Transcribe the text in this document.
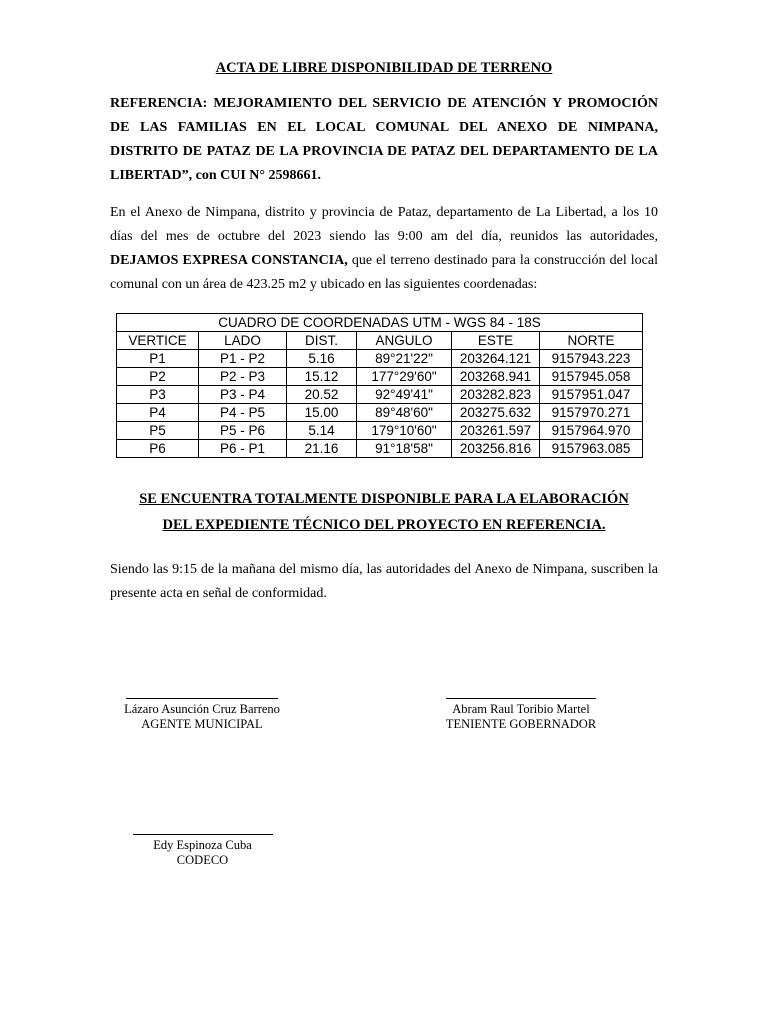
ACTA DE LIBRE DISPONIBILIDAD DE TERRENO
REFERENCIA: MEJORAMIENTO DEL SERVICIO DE ATENCIÓN Y PROMOCIÓN DE LAS FAMILIAS EN EL LOCAL COMUNAL DEL ANEXO DE NIMPANA, DISTRITO DE PATAZ DE LA PROVINCIA DE PATAZ DEL DEPARTAMENTO DE LA LIBERTAD”, con CUI N° 2598661.
En el Anexo de Nimpana, distrito y provincia de Pataz, departamento de La Libertad, a los 10 días del mes de octubre del 2023 siendo las 9:00 am del día, reunidos las autoridades, DEJAMOS EXPRESA CONSTANCIA, que el terreno destinado para la construcción del local comunal con un área de 423.25 m2 y ubicado en las siguientes coordenadas:
CUADRO DE COORDENADAS UTM - WGS 84 - 18S					
VERTICE	LADO	DIST.	ANGULO	ESTE	NORTE
P1	P1 - P2	5.16	89°21'22"	203264.121	9157943.223
P2	P2 - P3	15.12	177°29'60"	203268.941	9157945.058
P3	P3 - P4	20.52	92°49'41"	203282.823	9157951.047
P4	P4 - P5	15.00	89°48'60"	203275.632	9157970.271
P5	P5 - P6	5.14	179°10'60"	203261.597	9157964.970
P6	P6 - P1	21.16	91°18'58"	203256.816	9157963.085
SE ENCUENTRA TOTALMENTE DISPONIBLE PARA LA ELABORACIÓN
DEL EXPEDIENTE TÉCNICO DEL PROYECTO EN REFERENCIA.
Siendo las 9:15 de la mañana del mismo día, las autoridades del Anexo de Nimpana, suscriben la presente acta en señal de conformidad.
Lázaro Asunción Cruz Barreno
AGENTE MUNICIPAL
Abram Raul Toribio Martel
TENIENTE GOBERNADOR
Edy Espinoza Cuba
CODECO
